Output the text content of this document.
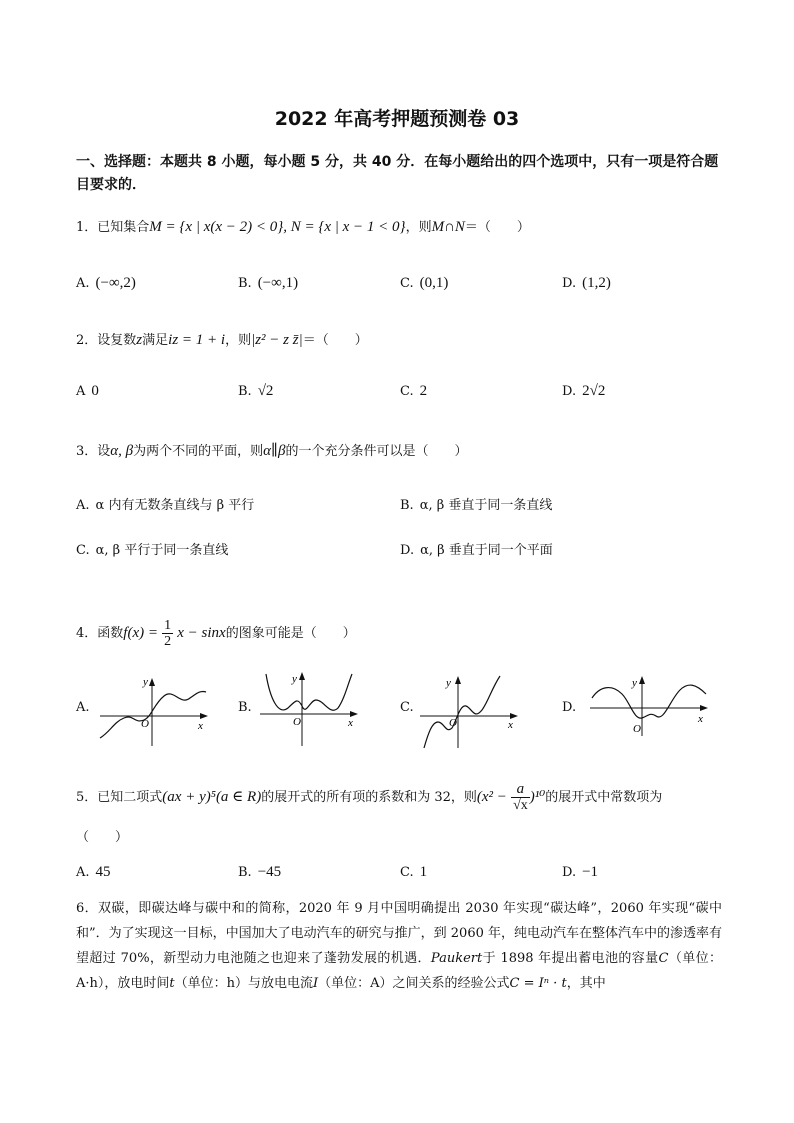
2022 年高考押题预测卷 03
一、选择题：本题共 8 小题，每小题 5 分，共 40 分．在每小题给出的四个选项中，只有一项是符合题目要求的．
1．已知集合M = {x | x(x − 2) < 0}, N = {x | x − 1 < 0}，则M∩N＝（　　）
A. (−∞,2)	B. (−∞,1)	C. (0,1)	D. (1,2)
2．设复数z满足iz = 1 + i，则|z² − z z̄|＝（　　）
A 0	B. √2	C. 2	D. 2√2
3．设α, β为两个不同的平面，则α∥β的一个充分条件可以是（　　）
A. α 内有无数条直线与 β 平行	B. α, β 垂直于同一条直线
C. α, β 平行于同一条直线	D. α, β 垂直于同一个平面
4．函数$f(x) = \frac{1}{2}$ x − sinx的图象可能是（　　）
A.
y
x
O
B.
y
x
O
C.
y
x
O
D.
y
x
O
5．已知二项式(ax + y)⁵(a ∈ R)的展开式的所有项的系数和为 32，则$(x^2 - \frac{a}{√x} )^{10}$的展开式中常数项为
（　　）
A. 45	B. −45	C. 1	D. −1
6．双碳，即碳达峰与碳中和的简称，2020 年 9 月中国明确提出 2030 年实现“碳达峰”，2060 年实现“碳中和”．为了实现这一目标，中国加大了电动汽车的研究与推广，到 2060 年，纯电动汽车在整体汽车中的渗透率有望超过 70%，新型动力电池随之也迎来了蓬勃发展的机遇．Paukert于 1898 年提出蓄电池的容量C（单位：A·h），放电时间t（单位：h）与放电电流I（单位：A）之间关系的经验公式C = Iⁿ · t，其中
